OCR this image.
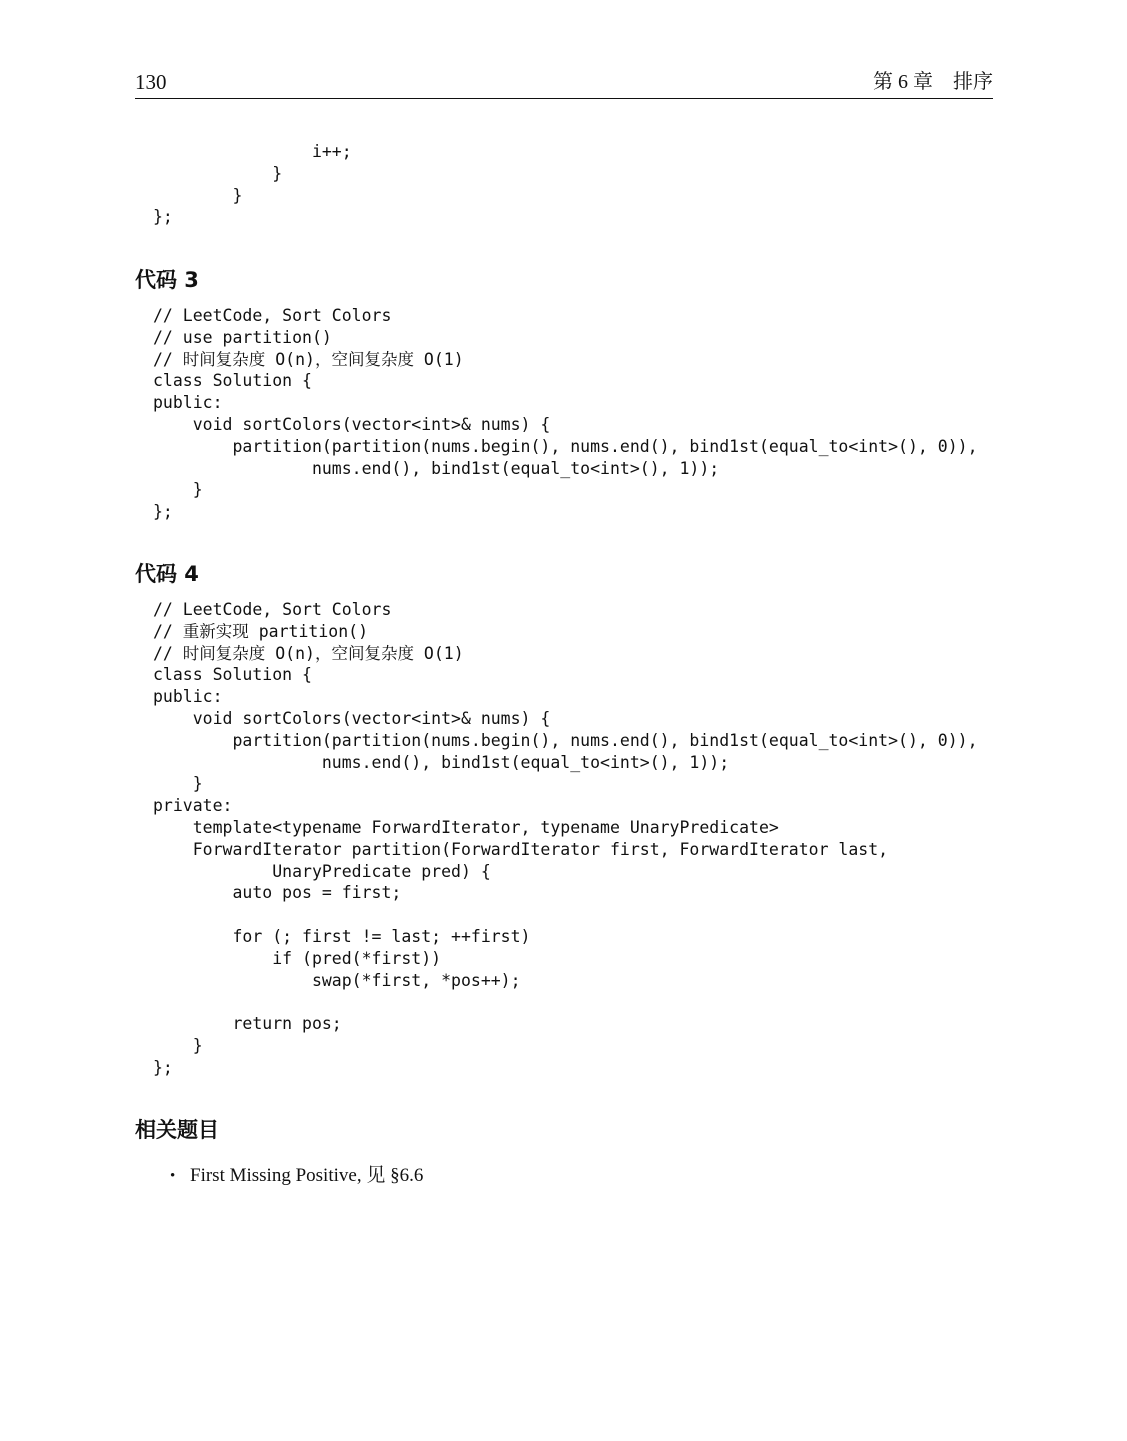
130	第 6 章　排序
i++;
}
}
};
代码 3
// LeetCode, Sort Colors
// use partition()
// 时间复杂度 O(n)，空间复杂度 O(1)
class Solution {
public:
void sortColors(vector<int>& nums) {
partition(partition(nums.begin(), nums.end(), bind1st(equal_to<int>(), 0)),
nums.end(), bind1st(equal_to<int>(), 1));
}
};
代码 4
// LeetCode, Sort Colors
// 重新实现 partition()
// 时间复杂度 O(n)，空间复杂度 O(1)
class Solution {
public:
void sortColors(vector<int>& nums) {
partition(partition(nums.begin(), nums.end(), bind1st(equal_to<int>(), 0)),
nums.end(), bind1st(equal_to<int>(), 1));
}
private:
template<typename ForwardIterator, typename UnaryPredicate>
ForwardIterator partition(ForwardIterator first, ForwardIterator last,
UnaryPredicate pred) {
auto pos = first;
for (; first != last; ++first)
if (pred(*first))
swap(*first, *pos++);
return pos;
}
};
相关题目
• First Missing Positive, 见 §6.6
